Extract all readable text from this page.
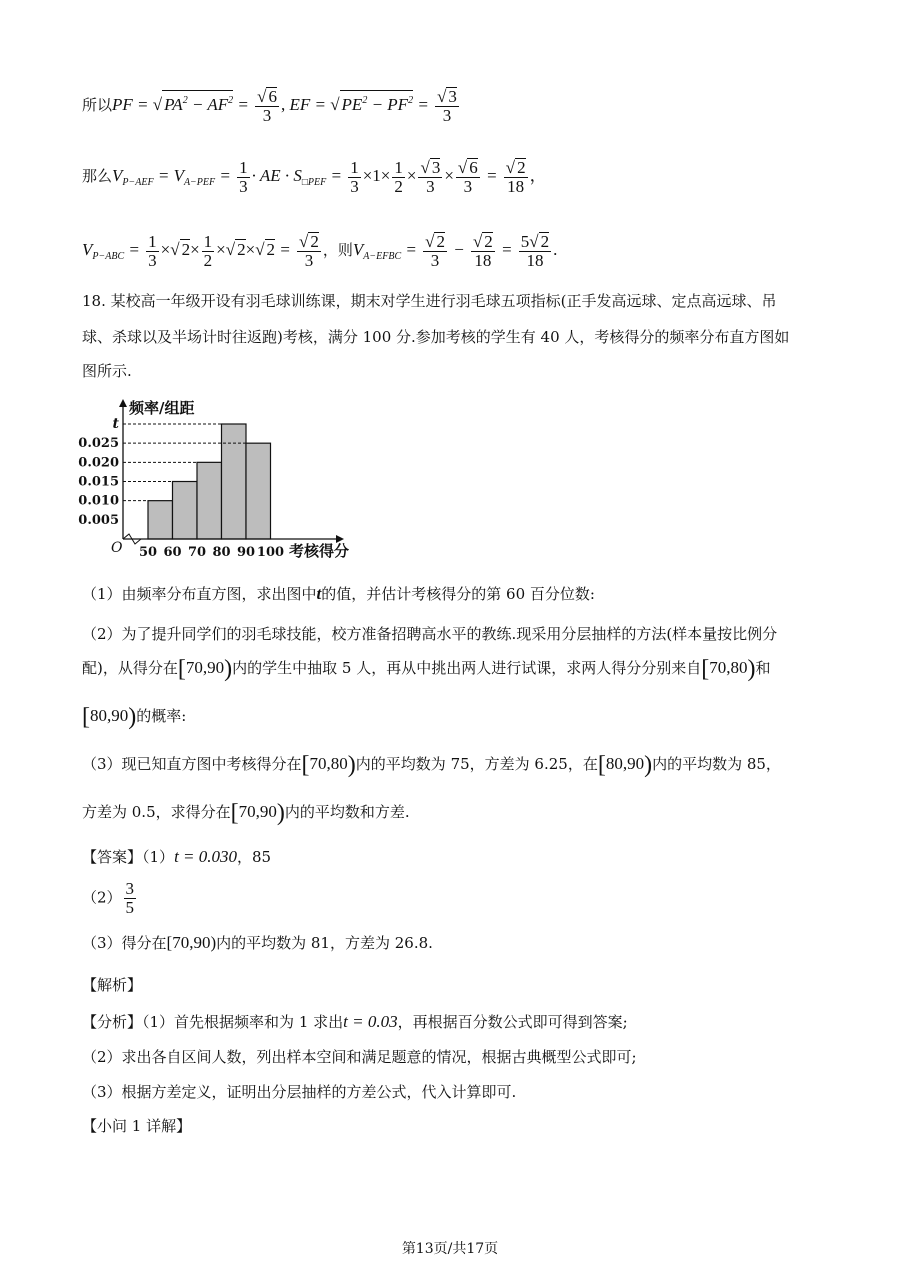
所以PF = √ $PA^2 - AF^2$ = √ $\frac{6}{3}$ , EF = √ $PE^2 - PF^2$ = √ $\frac{3}{3}$
那么$V_{P-AEF} = V_{A-PEF} = \frac{1}{3}$ · AE · $S_{□PEF} = \frac{1}{3} \times 1\times \frac{1}{2}$ × √ $\frac{3}{3}$ × √ $\frac{6}{3}$ = √ $\frac{2}{18}$ ，
$V_{P-ABC} = \frac{1}{3}$ × √ $2\times \frac{1}{2}$ × √ 2× √ 2 = √ $\frac{2}{3}$ ，则$V_{A-EFBC}$ = √ $\frac{2}{3}$ − √ $\frac{2}{18} = \frac{5 √ 2}{18}$ .
18. 某校高一年级开设有羽毛球训练课，期末对学生进行羽毛球五项指标(正手发高远球、定点高远球、吊
球、杀球以及半场计时往返跑)考核，满分 100 分.参加考核的学生有 40 人，考核得分的频率分布直方图如
图所示.
0.005
0.010
0.015
0.020
0.025
t
50 60 70 80 90 100
O
频率/组距
考核得分
（1）由频率分布直方图，求出图中t的值，并估计考核得分的第 60 百分位数:
（2）为了提升同学们的羽毛球技能，校方准备招聘高水平的教练.现采用分层抽样的方法(样本量按比例分
配)，从得分在[70,90)内的学生中抽取 5 人，再从中挑出两人进行试课，求两人得分分别来自[70,80)和
[80,90)的概率:
（3）现已知直方图中考核得分在[70,80)内的平均数为 75，方差为 6.25，在[80,90)内的平均数为 85，
方差为 0.5，求得分在[70,90)内的平均数和方差.
【答案】（1）t = 0.030，85
$(2) \frac{3}{5}$
（3）得分在[70,90)内的平均数为 81，方差为 26.8.
【解析】
【分析】（1）首先根据频率和为 1 求出t = 0.03，再根据百分数公式即可得到答案;
（2）求出各自区间人数，列出样本空间和满足题意的情况，根据古典概型公式即可;
（3）根据方差定义，证明出分层抽样的方差公式，代入计算即可.
【小问 1 详解】
第13页/共17页
